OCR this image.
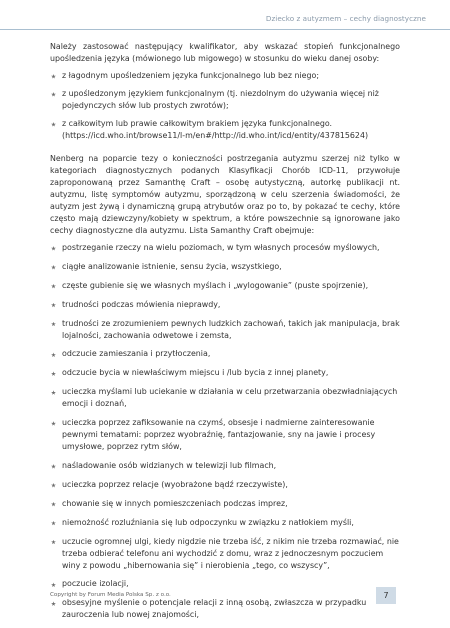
Dziecko z autyzmem – cechy diagnostyczne

Należy zastosować następujący kwalifikator, aby wskazać stopień funkcjonalnego upośledzenia języka (mówionego lub migowego) w stosunku do wieku danej osoby:

z łagodnym upośledzeniem języka funkcjonalnego lub bez niego;
z upośledzonym językiem funkcjonalnym (tj. niezdolnym do używania więcej niż pojedynczych słów lub prostych zwrotów);
z całkowitym lub prawie całkowitym brakiem języka funkcjonalnego. (https://icd.who.int/browse11/l-m/en#/http://id.who.int/icd/entity/437815624)

Nenberg na poparcie tezy o konieczności postrzegania autyzmu szerzej niż tylko w kategoriach diagnostycznych podanych Klasyfikacji Chorób ICD-11, przywołuje zaproponowaną przez Samanthę Craft – osobę autystyczną, autorkę publikacji nt. autyzmu, listę symptomów autyzmu, sporządzoną w celu szerzenia świadomości, że autyzm jest żywą i dynamiczną grupą atrybutów oraz po to, by pokazać te cechy, które często mają dziewczyny/kobiety w spektrum, a które powszechnie są ignorowane jako cechy diagnostyczne dla autyzmu. Lista Samanthy Craft obejmuje:

postrzeganie rzeczy na wielu poziomach, w tym własnych procesów myślowych,
ciągłe analizowanie istnienie, sensu życia, wszystkiego,
częste gubienie się we własnych myślach i „wylogowanie” (puste spojrzenie),
trudności podczas mówienia nieprawdy,
trudności ze zrozumieniem pewnych ludzkich zachowań, takich jak manipulacja, brak lojalności, zachowania odwetowe i zemsta,
odczucie zamieszania i przytłoczenia,
odczucie bycia w niewłaściwym miejscu i /lub bycia z innej planety,
ucieczka myślami lub uciekanie w działania w celu przetwarzania obezwładniających emocji i doznań,
ucieczka poprzez zafiksowanie na czymś, obsesje i nadmierne zainteresowanie pewnymi tematami: poprzez wyobraźnię, fantazjowanie, sny na jawie i procesy umysłowe, poprzez rytm słów,
naśladowanie osób widzianych w telewizji lub filmach,
ucieczka poprzez relacje (wyobrażone bądź rzeczywiste),
chowanie się w innych pomieszczeniach podczas imprez,
niemożność rozluźniania się lub odpoczynku w związku z natłokiem myśli,
uczucie ogromnej ulgi, kiedy nigdzie nie trzeba iść, z nikim nie trzeba rozmawiać, nie trzeba odbierać telefonu ani wychodzić z domu, wraz z jednoczesnym poczuciem winy z powodu „hibernowania się” i nierobienia „tego, co wszyscy”,
poczucie izolacji,
obsesyjne myślenie o potencjale relacji z inną osobą, zwłaszcza w przypadku zauroczenia lub nowej znajomości,
Copyright by Forum Media Polska Sp. z o.o.	7
